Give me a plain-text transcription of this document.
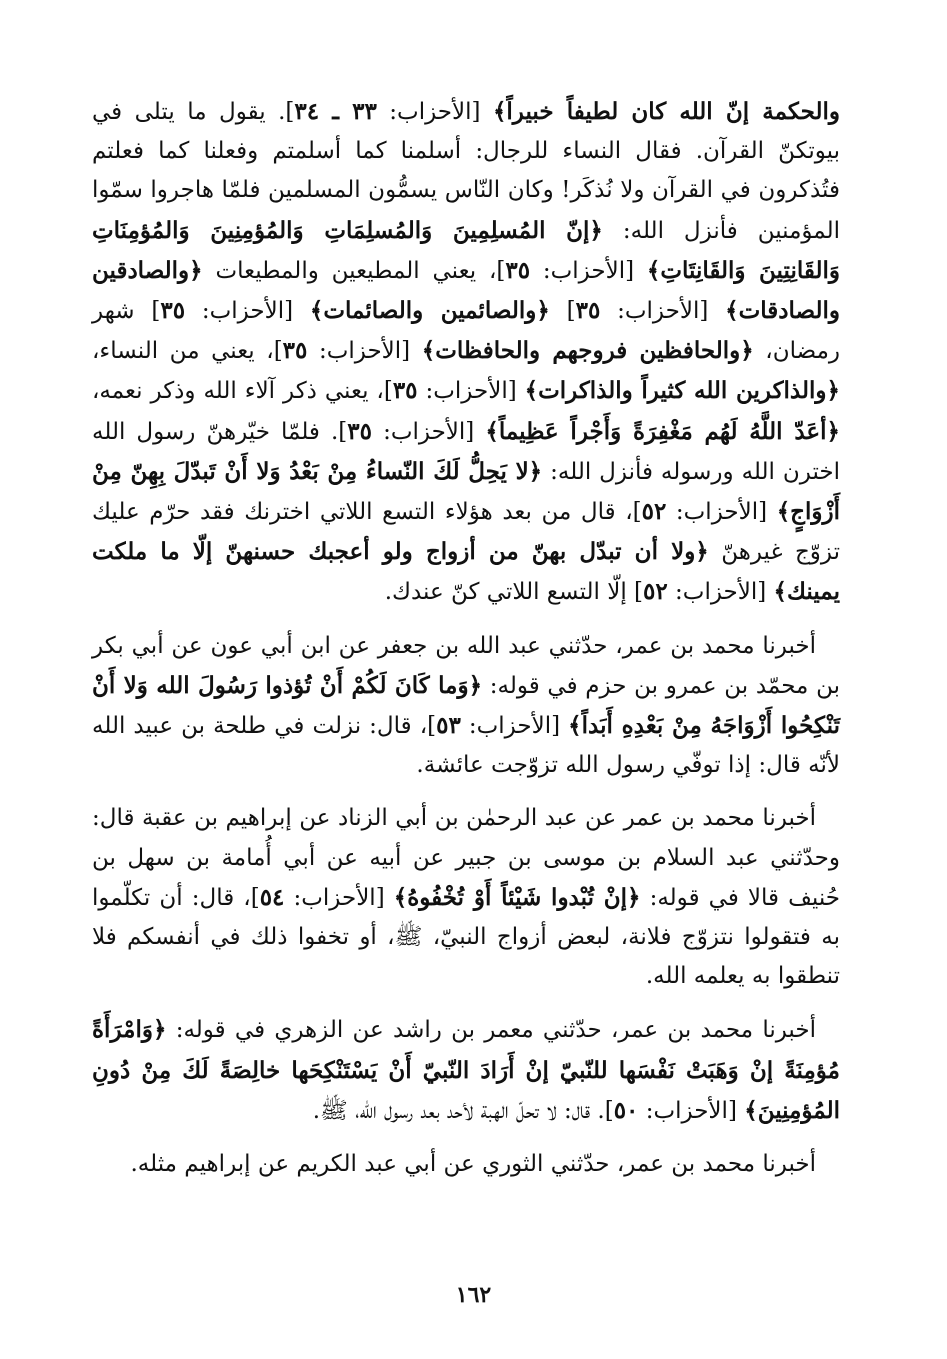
والحكمة إنّ الله كان لطيفاً خبيراً﴾ [الأحزاب: ٣٣ ـ ٣٤]. يقول ما يتلى في بيوتكنّ القرآن. فقال النساء للرجال: أسلمنا كما أسلمتم وفعلنا كما فعلتم فتُذكرون في القرآن ولا نُذكَر! وكان النّاس يسمُّون المسلمين فلمّا هاجروا سمّوا المؤمنين فأنزل الله: ﴿إنّ المُسلِمِينَ وَالمُسلِمَاتِ وَالمُؤمِنِينَ وَالمُؤمِنَاتِ وَالقَانِتِينَ وَالقَانِتَاتِ﴾ [الأحزاب: ٣٥]، يعني المطيعين والمطيعات ﴿والصادقين والصادقات﴾ [الأحزاب: ٣٥] ﴿والصائمين والصائمات﴾ [الأحزاب: ٣٥] شهر رمضان، ﴿والحافظين فروجهم والحافظات﴾ [الأحزاب: ٣٥]، يعني من النساء، ﴿والذاكرين الله كثيراً والذاكرات﴾ [الأحزاب: ٣٥]، يعني ذكر آلاء الله وذكر نعمه، ﴿أعَدّ اللَّهُ لَهُم مَغْفِرَةً وَأَجْراً عَظِيماً﴾ [الأحزاب: ٣٥]. فلمّا خيّرهنّ رسول الله اخترن الله ورسوله فأنزل الله: ﴿لا يَحِلُّ لَكَ النّساءُ مِنْ بَعْدُ وَلا أَنْ تَبدّلَ بِهِنّ مِنْ أَزْوَاجٍ﴾ [الأحزاب: ٥٢]، قال من بعد هؤلاء التسع اللاتي اخترنك فقد حرّم عليك تزوّج غيرهنّ ﴿ولا أن تبدّل بهنّ من أزواج ولو أعجبك حسنهنّ إلّا ما ملكت يمينك﴾ [الأحزاب: ٥٢] إلّا التسع اللاتي كنّ عندك.

أخبرنا محمد بن عمر، حدّثني عبد الله بن جعفر عن ابن أبي عون عن أبي بكر بن محمّد بن عمرو بن حزم في قوله: ﴿وَما كَانَ لَكُمْ أَنْ تُؤذوا رَسُولَ الله وَلا أَنْ تَنْكِحُوا أَزْوَاجَهُ مِنْ بَعْدِهِ أَبَداً﴾ [الأحزاب: ٥٣]، قال: نزلت في طلحة بن عبيد الله لأنّه قال: إذا توفّي رسول الله تزوّجت عائشة.

أخبرنا محمد بن عمر عن عبد الرحمٰن بن أبي الزناد عن إبراهيم بن عقبة قال: وحدّثني عبد السلام بن موسى بن جبير عن أبيه عن أبي أُمامة بن سهل بن حُنيف قالا في قوله: ﴿إنْ تُبْدوا شَيْئاً أَوْ تُخْفُوهُ﴾ [الأحزاب: ٥٤]، قال: أن تكلّموا به فتقولوا نتزوّج فلانة، لبعض أزواج النبيّ، ﷺ، أو تخفوا ذلك في أنفسكم فلا تنطقوا به يعلمه الله.

أخبرنا محمد بن عمر، حدّثني معمر بن راشد عن الزهري في قوله: ﴿وَامْرَأَةً مُؤمِنَةً إنْ وَهَبَتْ نَفْسَها للنّبيّ إنْ أَرَادَ النّبيّ أَنْ يَسْتَنْكِحَها خالِصَةً لَكَ مِنْ دُونِ المُؤمِنِينَ﴾ [الأحزاب: ٥٠]. قال: لا تحلّ الهبة لأحد بعد رسول الله، ﷺ.

أخبرنا محمد بن عمر، حدّثني الثوري عن أبي عبد الكريم عن إبراهيم مثله.

١٦٢
